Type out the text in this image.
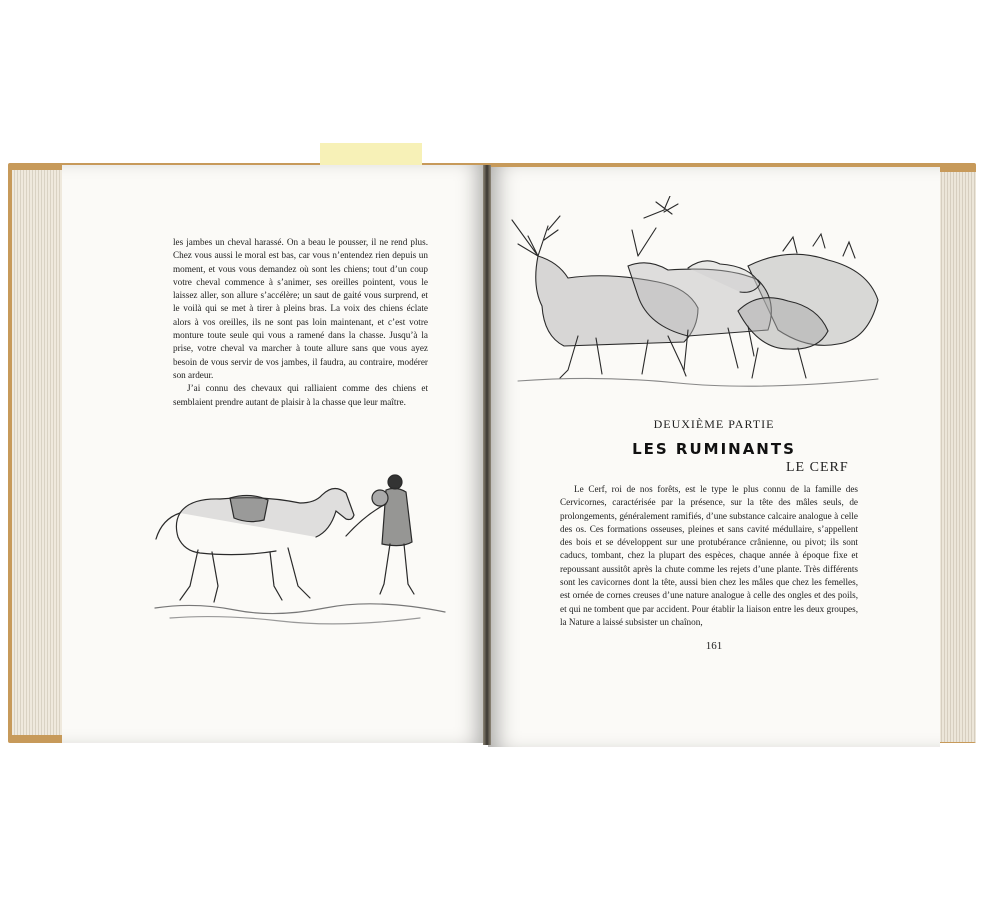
les jambes un cheval harassé. On a beau le pousser, il ne rend plus. Chez vous aussi le moral est bas, car vous n’entendez rien depuis un moment, et vous vous demandez où sont les chiens; tout d’un coup votre cheval commence à s’animer, ses oreilles pointent, vous le laissez aller, son allure s’accélère; un saut de gaité vous surprend, et le voilà qui se met à tirer à pleins bras. La voix des chiens éclate alors à vos oreilles, ils ne sont pas loin maintenant, et c’est votre monture toute seule qui vous a ramené dans la chasse. Jusqu’à la prise, votre cheval va marcher à toute allure sans que vous ayez besoin de vous servir de vos jambes, il faudra, au contraire, modérer son ardeur.

J’ai connu des chevaux qui ralliaient comme des chiens et semblaient prendre autant de plaisir à la chasse que leur maître.

DEUXIÈME PARTIE
LES RUMINANTS
LE CERF

Le Cerf, roi de nos forêts, est le type le plus connu de la famille des Cervicornes, caractérisée par la présence, sur la tête des mâles seuls, de prolongements, généralement ramifiés, d’une substance calcaire analogue à celle des os. Ces formations osseuses, pleines et sans cavité médullaire, s’appellent des bois et se développent sur une protubérance crânienne, ou pivot; ils sont caducs, tombant, chez la plupart des espèces, chaque année à époque fixe et repoussant aussitôt après la chute comme les rejets d’une plante. Très différents sont les cavicornes dont la tête, aussi bien chez les mâles que chez les femelles, est ornée de cornes creuses d’une nature analogue à celle des ongles et des poils, et qui ne tombent que par accident. Pour établir la liaison entre les deux groupes, la Nature a laissé subsister un chaînon,

161
